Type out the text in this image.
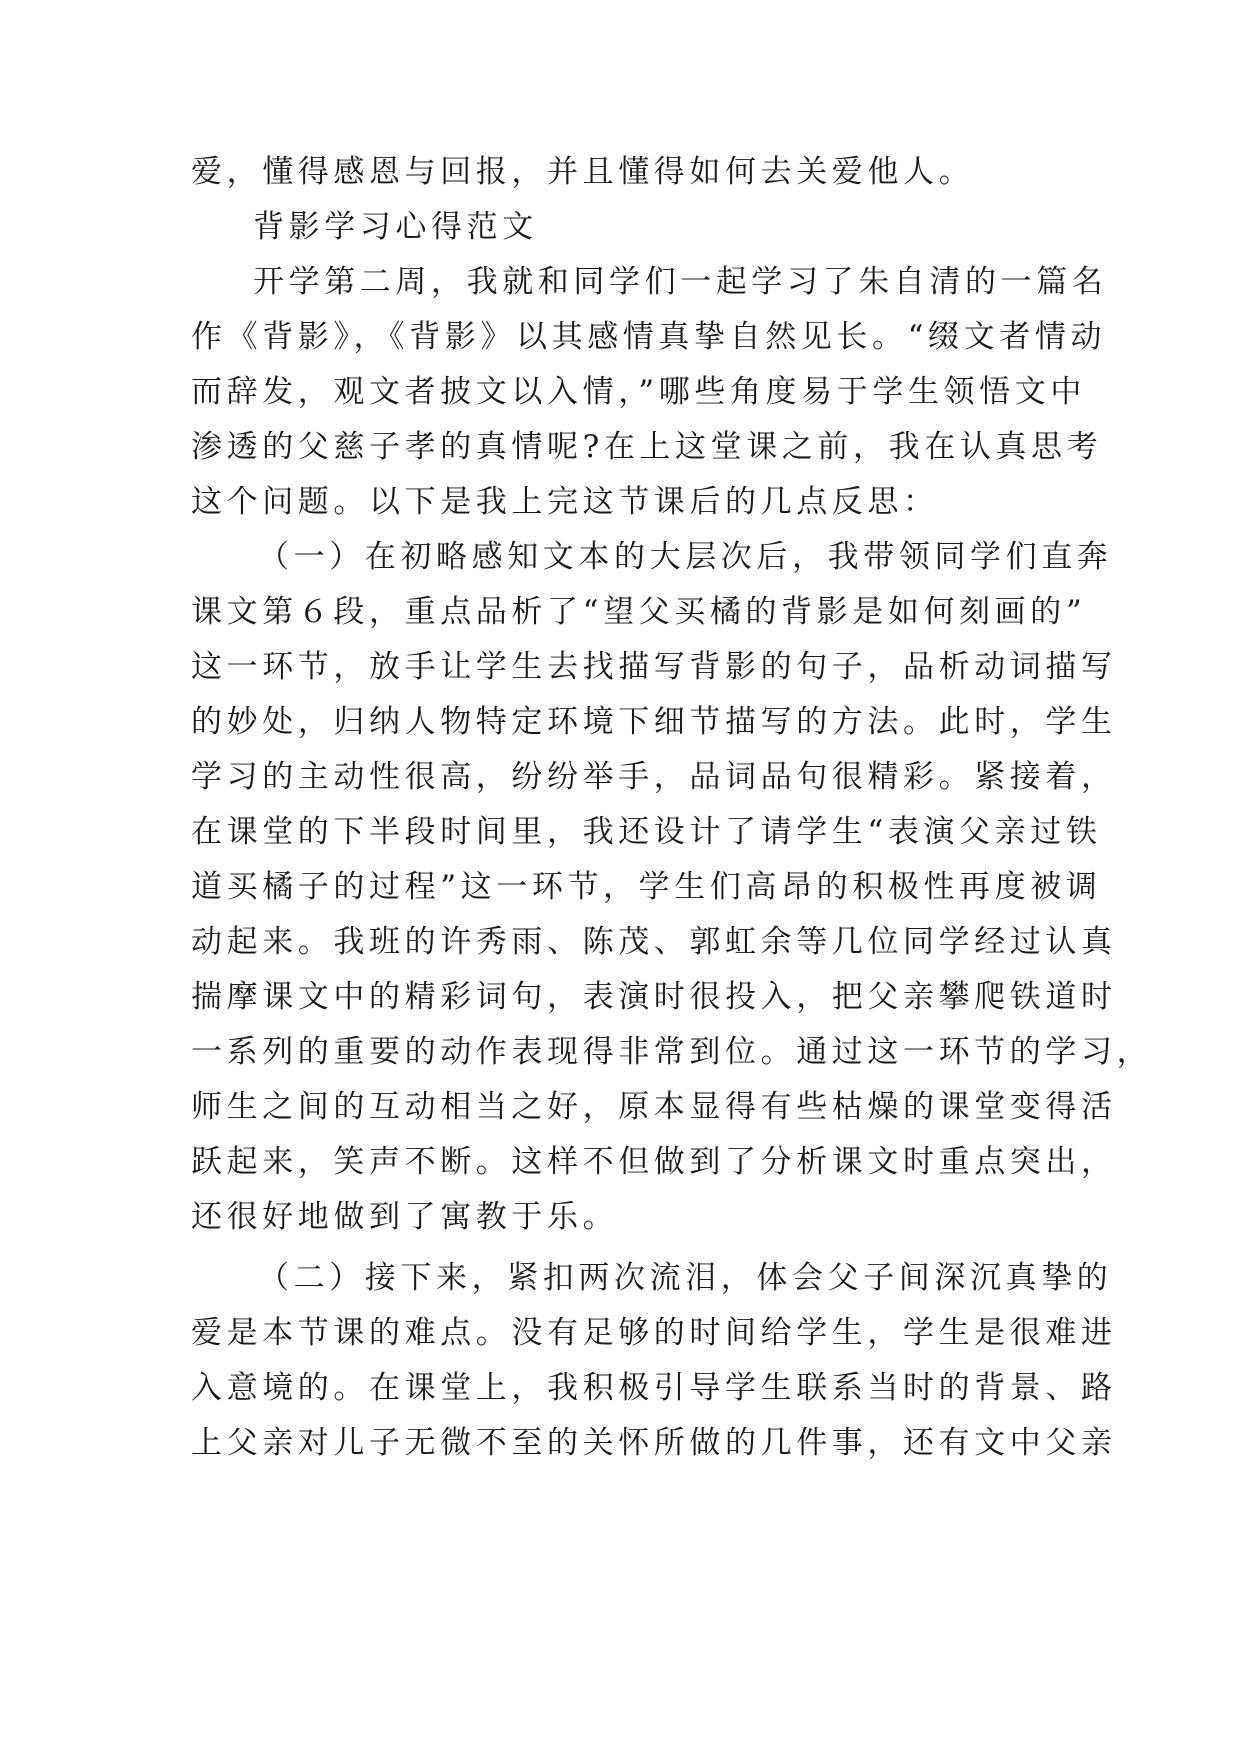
爱，懂得感恩与回报，并且懂得如何去关爱他人。
背影学习心得范文
开学第二周，我就和同学们一起学习了朱自清的一篇名
作《背影》，《背影》以其感情真挚自然见长。“缀文者情动
而辞发，观文者披文以入情，”哪些角度易于学生领悟文中
渗透的父慈子孝的真情呢?在上这堂课之前，我在认真思考
这个问题。以下是我上完这节课后的几点反思：
（一）在初略感知文本的大层次后，我带领同学们直奔
课文第６段，重点品析了“望父买橘的背影是如何刻画的”
这一环节，放手让学生去找描写背影的句子，品析动词描写
的妙处，归纳人物特定环境下细节描写的方法。此时，学生
学习的主动性很高，纷纷举手，品词品句很精彩。紧接着，
在课堂的下半段时间里，我还设计了请学生“表演父亲过铁
道买橘子的过程”这一环节，学生们高昂的积极性再度被调
动起来。我班的许秀雨、陈茂、郭虹余等几位同学经过认真
揣摩课文中的精彩词句，表演时很投入，把父亲攀爬铁道时
一系列的重要的动作表现得非常到位。通过这一环节的学习，
师生之间的互动相当之好，原本显得有些枯燥的课堂变得活
跃起来，笑声不断。这样不但做到了分析课文时重点突出，
还很好地做到了寓教于乐。
（二）接下来，紧扣两次流泪，体会父子间深沉真挚的
爱是本节课的难点。没有足够的时间给学生，学生是很难进
入意境的。在课堂上，我积极引导学生联系当时的背景、路
上父亲对儿子无微不至的关怀所做的几件事，还有文中父亲
